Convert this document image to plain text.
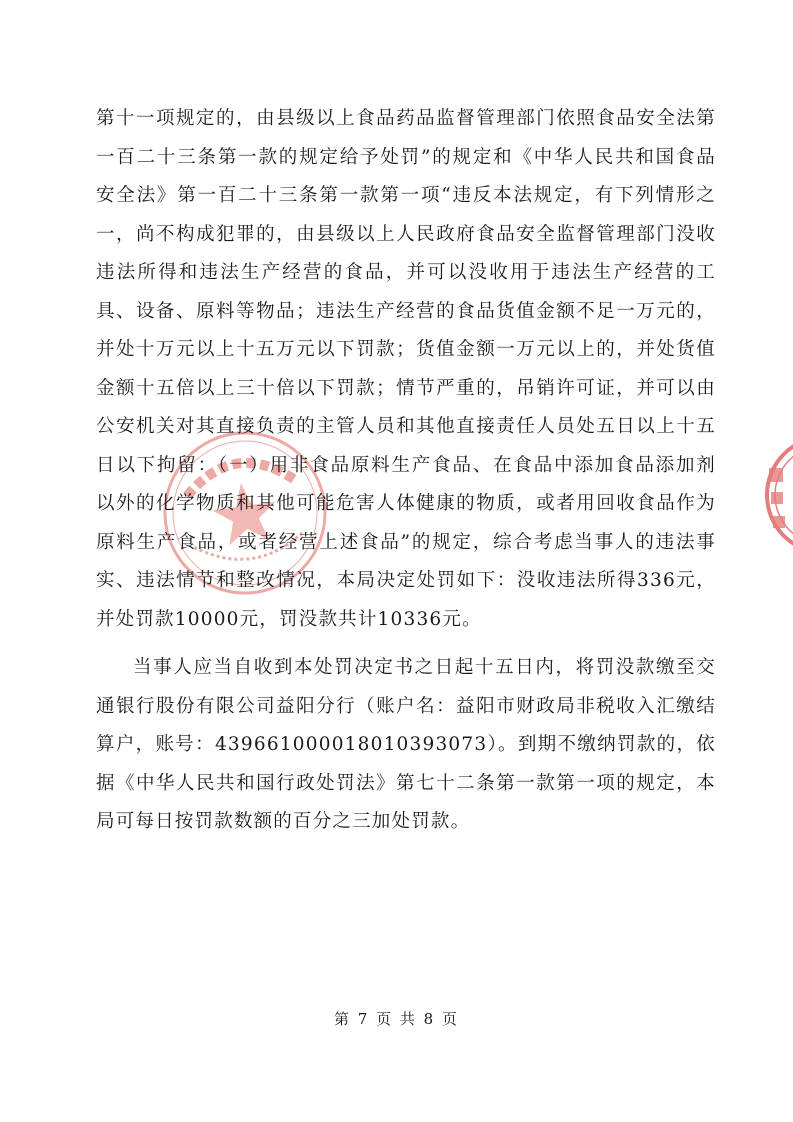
第十一项规定的，由县级以上食品药品监督管理部门依照食品安全法第一百二十三条第一款的规定给予处罚”的规定和《中华人民共和国食品安全法》第一百二十三条第一款第一项“违反本法规定，有下列情形之一，尚不构成犯罪的，由县级以上人民政府食品安全监督管理部门没收违法所得和违法生产经营的食品，并可以没收用于违法生产经营的工具、设备、原料等物品；违法生产经营的食品货值金额不足一万元的，并处十万元以上十五万元以下罚款；货值金额一万元以上的，并处货值金额十五倍以上三十倍以下罚款；情节严重的，吊销许可证，并可以由公安机关对其直接负责的主管人员和其他直接责任人员处五日以上十五日以下拘留：（一）用非食品原料生产食品、在食品中添加食品添加剂以外的化学物质和其他可能危害人体健康的物质，或者用回收食品作为原料生产食品，或者经营上述食品”的规定，综合考虑当事人的违法事实、违法情节和整改情况，本局决定处罚如下：没收违法所得336元，并处罚款10000元，罚没款共计10336元。

当事人应当自收到本处罚决定书之日起十五日内，将罚没款缴至交通银行股份有限公司益阳分行（账户名：益阳市财政局非税收入汇缴结算户，账号：43966100001801039307​3）。到期不缴纳罚款的，依据《中华人民共和国行政处罚法》第七十二条第一款第一项的规定，本局可每日按罚款数额的百分之三加处罚款。

第 7 页 共 8 页
